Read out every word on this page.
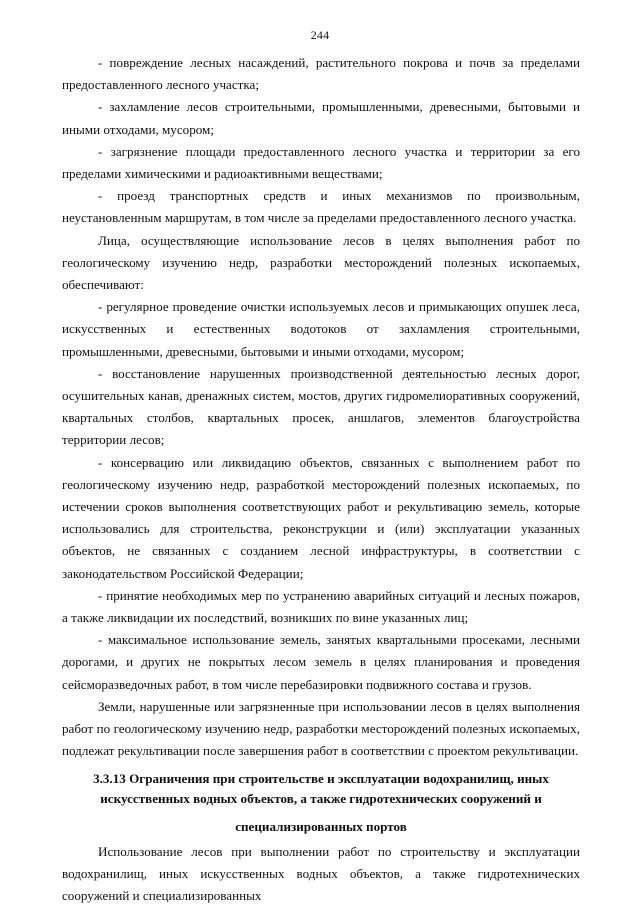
244

- повреждение лесных насаждений, растительного покрова и почв за пределами предоставленного лесного участка;

- захламление лесов строительными, промышленными, древесными, бытовыми и иными отходами, мусором;

- загрязнение площади предоставленного лесного участка и территории за его пределами химическими и радиоактивными веществами;

- проезд транспортных средств и иных механизмов по произвольным, неустановленным маршрутам, в том числе за пределами предоставленного лесного участка.

Лица, осуществляющие использование лесов в целях выполнения работ по геологическому изучению недр, разработки месторождений полезных ископаемых, обеспечивают:

- регулярное проведение очистки используемых лесов и примыкающих опушек леса, искусственных и естественных водотоков от захламления строительными, промышленными, древесными, бытовыми и иными отходами, мусором;

- восстановление нарушенных производственной деятельностью лесных дорог, осушительных канав, дренажных систем, мостов, других гидромелиоративных сооружений, квартальных столбов, квартальных просек, аншлагов, элементов благоустройства территории лесов;

- консервацию или ликвидацию объектов, связанных с выполнением работ по геологическому изучению недр, разработкой месторождений полезных ископаемых, по истечении сроков выполнения соответствующих работ и рекультивацию земель, которые использовались для строительства, реконструкции и (или) эксплуатации указанных объектов, не связанных с созданием лесной инфраструктуры, в соответствии с законодательством Российской Федерации;

- принятие необходимых мер по устранению аварийных ситуаций и лесных пожаров, а также ликвидации их последствий, возникших по вине указанных лиц;

- максимальное использование земель, занятых квартальными просеками, лесными дорогами, и других не покрытых лесом земель в целях планирования и проведения сейсморазведочных работ, в том числе перебазировки подвижного состава и грузов.

Земли, нарушенные или загрязненные при использовании лесов в целях выполнения работ по геологическому изучению недр, разработки месторождений полезных ископаемых, подлежат рекультивации после завершения работ в соответствии с проектом рекультивации.

3.3.13 Ограничения при строительстве и эксплуатации водохранилищ, иных
искусственных водных объектов, а также гидротехнических сооружений и
специализированных портов

Использование лесов при выполнении работ по строительству и эксплуатации водохранилищ, иных искусственных водных объектов, а также гидротехнических сооружений и специализированных
